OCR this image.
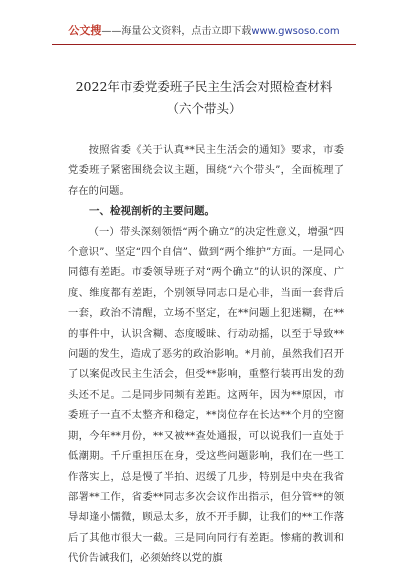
公文搜——海量公文资料，点击立即下载www.gwsoso.com
2022年市委党委班子民主生活会对照检查材料（六个带头）

按照省委《关于认真**民主生活会的通知》要求，市委党委班子紧密围绕会议主题，围绕“六个带头”，全面梳理了存在的问题。

一、检视剖析的主要问题。

（一）带头深刻领悟“两个确立”的决定性意义，增强“四个意识”、坚定“四个自信”、做到“两个维护”方面。一是同心同德有差距。市委领导班子对“两个确立”的认识的深度、广度、维度都有差距，个别领导同志口是心非，当面一套背后一套，政治不清醒，立场不坚定，在**问题上犯迷糊，在**的事件中，认识含糊、态度暧昧、行动动摇，以至于导致**问题的发生，造成了恶劣的政治影响。*月前，虽然我们召开了以案促改民主生活会，但受**影响，重整行装再出发的劲头还不足。二是同步同频有差距。这两年，因为**原因，市委班子一直不太整齐和稳定，**岗位存在长达**个月的空窗期，今年**月份，**又被**查处通报，可以说我们一直处于低潮期。千斤重担压在身，受这些问题影响，我们在一些工作落实上，总是慢了半拍、迟缓了几步，特别是中央在我省部署**工作，省委**同志多次会议作出指示，但分管**的领导却逢小懦微，顾忌太多，放不开手脚，让我们的**工作落后了其他市很大一截。三是同向同行有差距。惨痛的教训和代价告诫我们，必须始终以党的旗
